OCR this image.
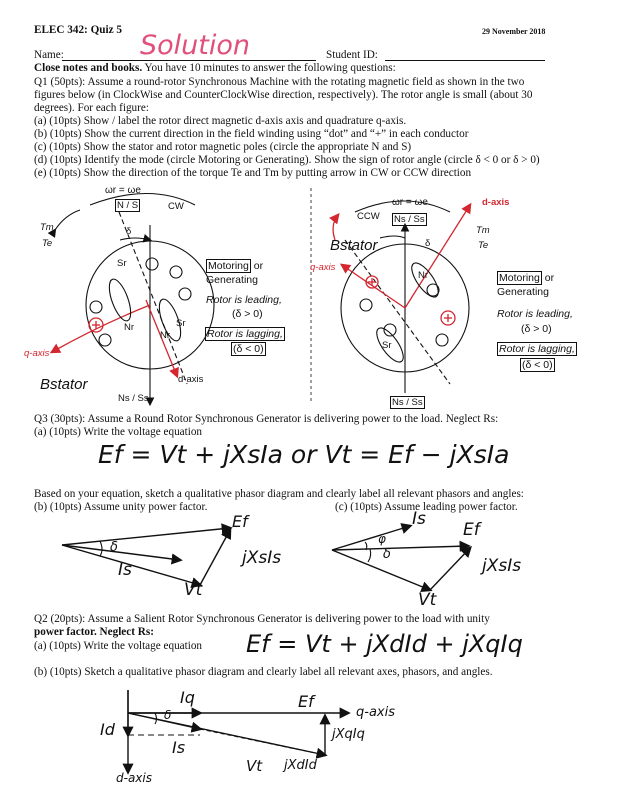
ELEC 342: Quiz 5	29 November 2018
Name:	Solution	Student ID:
Close notes and books. You have 10 minutes to answer the following questions:
Q1 (50pts): Assume a round-rotor Synchronous Machine with the rotating magnetic field as shown in the two
figures below (in ClockWise and CounterClockWise direction, respectively). The rotor angle is small (about 30
degrees). For each figure:
(a) (10pts) Show / label the rotor direct magnetic d-axis axis and quadrature q-axis.
(b) (10pts) Show the current direction in the field winding using “dot” and “+” in each conductor
(c) (10pts) Show the stator and rotor magnetic poles (circle the appropriate N and S)
(d) (10pts) Identify the mode (circle Motoring or Generating). Show the sign of rotor angle (circle δ < 0 or δ > 0)
(e) (10pts) Show the direction of the torque Te and Tm by putting arrow in CW or CCW direction
ωr = ωe
N / S	CW
Tm
Te
δ
Sr
Nr
Nr	Sr
q-axis
d-axis
Bstator
Ns / Ss
Motoring or
Generating
Rotor is leading,
(δ > 0)
Rotor is lagging,
(δ < 0)
ωr = ωe
CCW Ns / Ss
d-axis
Tm
Te
δ
Bstator
q-axis
Nr
Sr
Ns / Ss
Motoring or
Generating
Rotor is leading,
(δ > 0)
Rotor is lagging,
(δ < 0)
Q3 (30pts): Assume a Round Rotor Synchronous Generator is delivering power to the load. Neglect Rs:
(a) (10pts) Write the voltage equation
Ef = Vt + jXsIa or Vt = Ef − jXsIa
Based on your equation, sketch a qualitative phasor diagram and clearly label all relevant phasors and angles:
(b) (10pts) Assume unity power factor.	(c) (10pts) Assume leading power factor.
Ef
δ
Is
jXsIs
Vt
Is
Ef
φ
δ
jXsIs
Vt
Q2 (20pts): Assume a Salient Rotor Synchronous Generator is delivering power to the load with unity
power factor. Neglect Rs:
(a) (10pts) Write the voltage equation Ef = Vt + jXdId + jXqIq
(b) (10pts) Sketch a qualitative phasor diagram and clearly label all relevant axes, phasors, and angles.
Iq	Ef
q-axis
δ
Id
Is
jXqIq
Vt jXdId
d-axis
